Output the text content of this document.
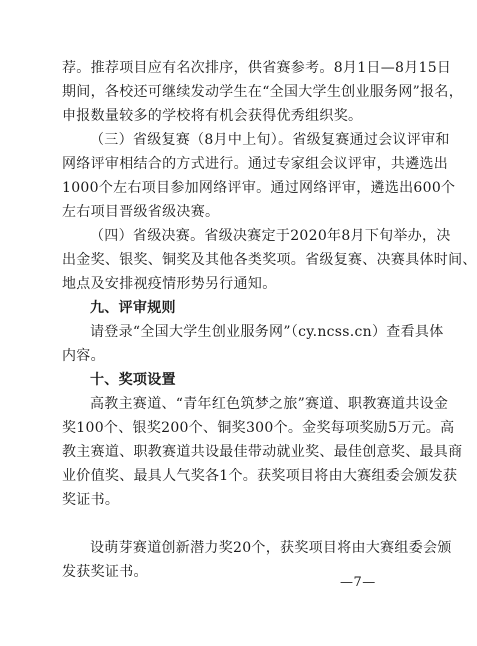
荐。推荐项目应有名次排序，供省赛参考。8月1日—8月15日
期间，各校还可继续发动学生在“全国大学生创业服务网”报名，
申报数量较多的学校将有机会获得优秀组织奖。
（三）省级复赛（8月中上旬）。省级复赛通过会议评审和
网络评审相结合的方式进行。通过专家组会议评审，共遴选出
1000个左右项目参加网络评审。通过网络评审，遴选出600个
左右项目晋级省级决赛。
（四）省级决赛。省级决赛定于2020年8月下旬举办，决
出金奖、银奖、铜奖及其他各类奖项。省级复赛、决赛具体时间、
地点及安排视疫情形势另行通知。
九、评审规则
请登录“全国大学生创业服务网”（cy.ncss.cn）查看具体
内容。
十、奖项设置
高教主赛道、“青年红色筑梦之旅”赛道、职教赛道共设金
奖100个、银奖200个、铜奖300个。金奖每项奖励5万元。高
教主赛道、职教赛道共设最佳带动就业奖、最佳创意奖、最具商
业价值奖、最具人气奖各1个。获奖项目将由大赛组委会颁发获
奖证书。
设萌芽赛道创新潜力奖20个，获奖项目将由大赛组委会颁
发获奖证书。
—7—
